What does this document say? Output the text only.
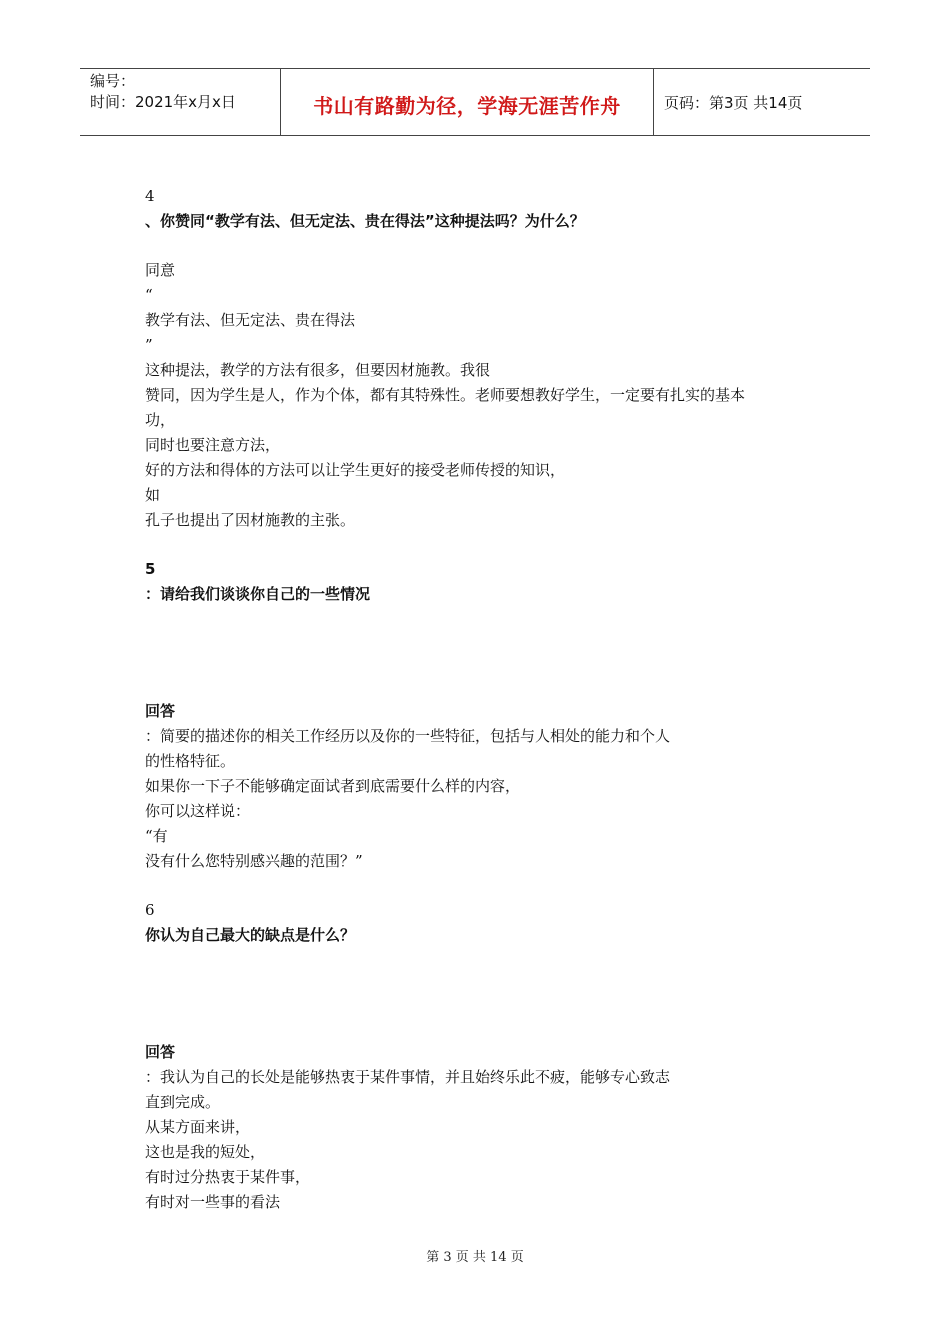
编号：
时间：2021年x月x日	书山有路勤为径，学海无涯苦作舟	页码：第3页 共14页
4
、你赞同“教学有法、但无定法、贵在得法”这种提法吗？为什么？
同意
“
教学有法、但无定法、贵在得法
”
这种提法，教学的方法有很多，但要因材施教。我很
赞同，因为学生是人，作为个体，都有其特殊性。老师要想教好学生，一定要有扎实的基本
功，
同时也要注意方法，
好的方法和得体的方法可以让学生更好的接受老师传授的知识，
如
孔子也提出了因材施教的主张。
5
：请给我们谈谈你自己的一些情况
回答
：简要的描述你的相关工作经历以及你的一些特征，包括与人相处的能力和个人
的性格特征。
如果你一下子不能够确定面试者到底需要什么样的内容，
你可以这样说：
“有
没有什么您特别感兴趣的范围？”
6
你认为自己最大的缺点是什么？
回答
：我认为自己的长处是能够热衷于某件事情，并且始终乐此不疲，能够专心致志
直到完成。
从某方面来讲，
这也是我的短处，
有时过分热衷于某件事，
有时对一些事的看法
第 3 页 共 14 页
